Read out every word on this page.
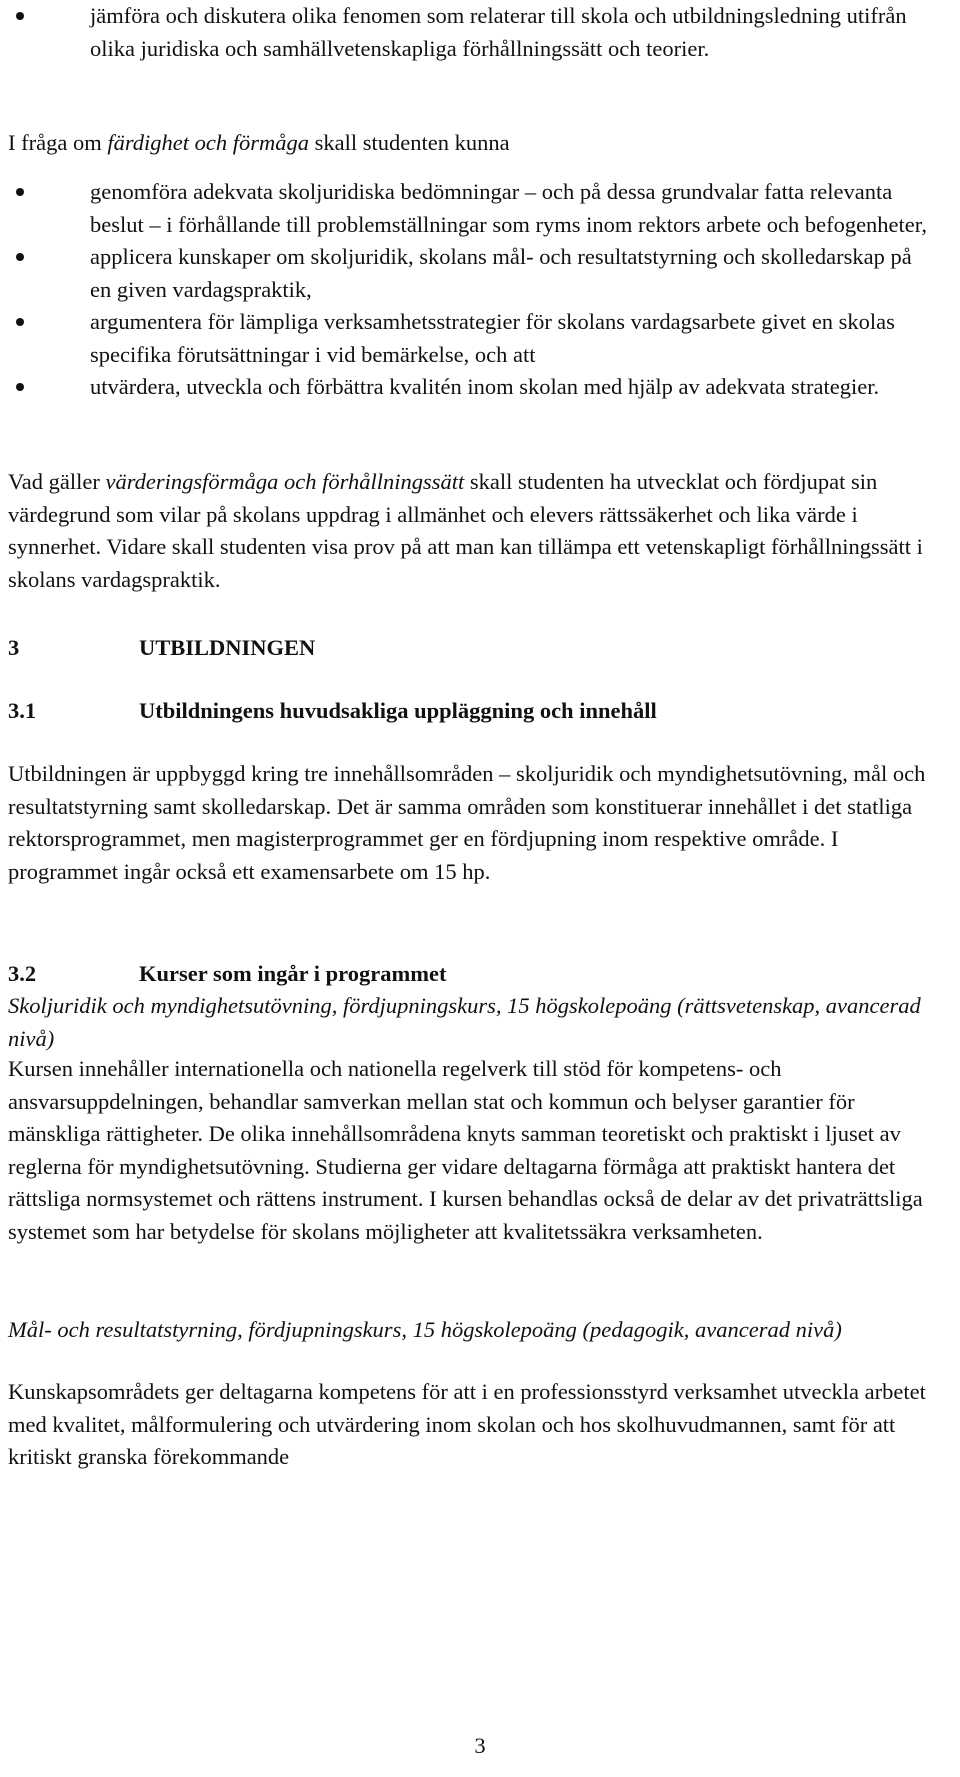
jämföra och diskutera olika fenomen som relaterar till skola och utbildningsledning utifrån olika juridiska och samhällvetenskapliga förhållningssätt och teorier.

I fråga om färdighet och förmåga skall studenten kunna

genomföra adekvata skoljuridiska bedömningar – och på dessa grundvalar fatta relevanta beslut – i förhållande till problemställningar som ryms inom rektors arbete och befogenheter,
applicera kunskaper om skoljuridik, skolans mål- och resultatstyrning och skolledarskap på en given vardagspraktik,
argumentera för lämpliga verksamhetsstrategier för skolans vardagsarbete givet en skolas specifika förutsättningar i vid bemärkelse, och att
utvärdera, utveckla och förbättra kvalitén inom skolan med hjälp av adekvata strategier.

Vad gäller värderingsförmåga och förhållningssätt skall studenten ha utvecklat och fördjupat sin värdegrund som vilar på skolans uppdrag i allmänhet och elevers rättssäkerhet och lika värde i synnerhet. Vidare skall studenten visa prov på att man kan tillämpa ett vetenskapligt förhållningssätt i skolans vardagspraktik.

3	UTBILDNINGEN
3.1	Utbildningens huvudsakliga uppläggning och innehåll

Utbildningen är uppbyggd kring tre innehållsområden – skoljuridik och myndighetsutövning, mål och resultatstyrning samt skolledarskap. Det är samma områden som konstituerar innehållet i det statliga rektorsprogrammet, men magisterprogrammet ger en fördjupning inom respektive område. I programmet ingår också ett examensarbete om 15 hp.

3.2	Kurser som ingår i programmet

Skoljuridik och myndighetsutövning, fördjupningskurs, 15 högskolepoäng (rättsvetenskap, avancerad nivå)

Kursen innehåller internationella och nationella regelverk till stöd för kompetens- och ansvarsuppdelningen, behandlar samverkan mellan stat och kommun och belyser garantier för mänskliga rättigheter. De olika innehållsområdena knyts samman teoretiskt och praktiskt i ljuset av reglerna för myndighetsutövning. Studierna ger vidare deltagarna förmåga att praktiskt hantera det rättsliga normsystemet och rättens instrument. I kursen behandlas också de delar av det privaträttsliga systemet som har betydelse för skolans möjligheter att kvalitetssäkra verksamheten.

Mål- och resultatstyrning, fördjupningskurs, 15 högskolepoäng (pedagogik, avancerad nivå)

Kunskapsområdets ger deltagarna kompetens för att i en professionsstyrd verksamhet utveckla arbetet med kvalitet, målformulering och utvärdering inom skolan och hos skolhuvudmannen, samt för att kritiskt granska förekommande

3
